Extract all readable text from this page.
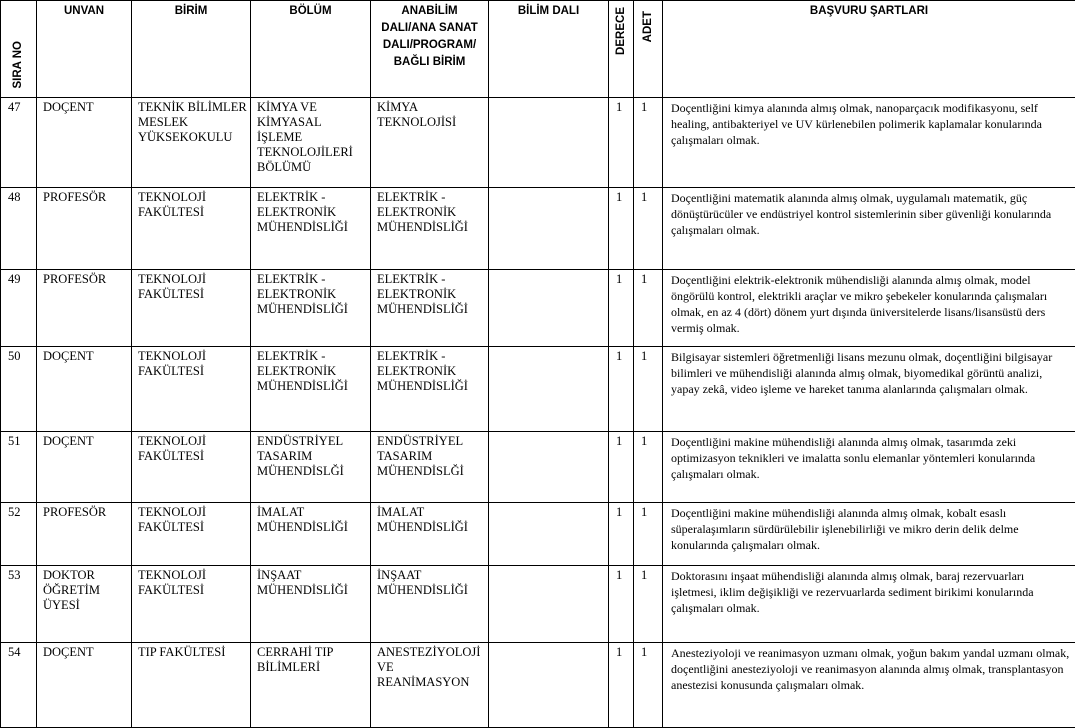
SIRA NO	UNVAN	BİRİM	BÖLÜM	ANABİLİM DALI/ANA SANAT DALI/PROGRAM/ BAĞLI BİRİM	BİLİM DALI	DERECE	ADET	BAŞVURU ŞARTLARI
47	DOÇENT	TEKNİK BİLİMLER MESLEK YÜKSEKOKULU	KİMYA VE KİMYASAL İŞLEME TEKNOLOJİLERİ BÖLÜMÜ	KİMYA TEKNOLOJİSİ		1	1	Doçentliğini kimya alanında almış olmak, nanoparçacık modifikasyonu, self healing, antibakteriyel ve UV kürlenebilen polimerik kaplamalar konularında çalışmaları olmak.
48	PROFESÖR	TEKNOLOJİ FAKÜLTESİ	ELEKTRİK - ELEKTRONİK MÜHENDİSLİĞİ	ELEKTRİK - ELEKTRONİK MÜHENDİSLİĞİ		1	1	Doçentliğini matematik alanında almış olmak, uygulamalı matematik, güç dönüştürücüler ve endüstriyel kontrol sistemlerinin siber güvenliği konularında çalışmaları olmak.
49	PROFESÖR	TEKNOLOJİ FAKÜLTESİ	ELEKTRİK - ELEKTRONİK MÜHENDİSLİĞİ	ELEKTRİK - ELEKTRONİK MÜHENDİSLİĞİ		1	1	Doçentliğini elektrik-elektronik mühendisliği alanında almış olmak, model öngörülü kontrol, elektrikli araçlar ve mikro şebekeler konularında çalışmaları olmak, en az 4 (dört) dönem yurt dışında üniversitelerde lisans/lisansüstü ders vermiş olmak.
50	DOÇENT	TEKNOLOJİ FAKÜLTESİ	ELEKTRİK - ELEKTRONİK MÜHENDİSLİĞİ	ELEKTRİK - ELEKTRONİK MÜHENDİSLİĞİ		1	1	Bilgisayar sistemleri öğretmenliği lisans mezunu olmak, doçentliğini bilgisayar bilimleri ve mühendisliği alanında almış olmak, biyomedikal görüntü analizi, yapay zekâ, video işleme ve hareket tanıma alanlarında çalışmaları olmak.
51	DOÇENT	TEKNOLOJİ FAKÜLTESİ	ENDÜSTRİYEL TASARIM MÜHENDİSLĞİ	ENDÜSTRİYEL TASARIM MÜHENDİSLĞİ		1	1	Doçentliğini makine mühendisliği alanında almış olmak, tasarımda zeki optimizasyon teknikleri ve imalatta sonlu elemanlar yöntemleri konularında çalışmaları olmak.
52	PROFESÖR	TEKNOLOJİ FAKÜLTESİ	İMALAT MÜHENDİSLİĞİ	İMALAT MÜHENDİSLİĞİ		1	1	Doçentliğini makine mühendisliği alanında almış olmak, kobalt esaslı süperalaşımların sürdürülebilir işlenebilirliği ve mikro derin delik delme konularında çalışmaları olmak.
53	DOKTOR ÖĞRETİM ÜYESİ	TEKNOLOJİ FAKÜLTESİ	İNŞAAT MÜHENDİSLİĞİ	İNŞAAT MÜHENDİSLİĞİ		1	1	Doktorasını inşaat mühendisliği alanında almış olmak, baraj rezervuarları işletmesi, iklim değişikliği ve rezervuarlarda sediment birikimi konularında çalışmaları olmak.
54	DOÇENT	TIP FAKÜLTESİ	CERRAHİ TIP BİLİMLERİ	ANESTEZİYOLOJİ VE REANİMASYON		1	1	Anesteziyoloji ve reanimasyon uzmanı olmak, yoğun bakım yandal uzmanı olmak, doçentliğini anesteziyoloji ve reanimasyon alanında almış olmak, transplantasyon anestezisi konusunda çalışmaları olmak.
